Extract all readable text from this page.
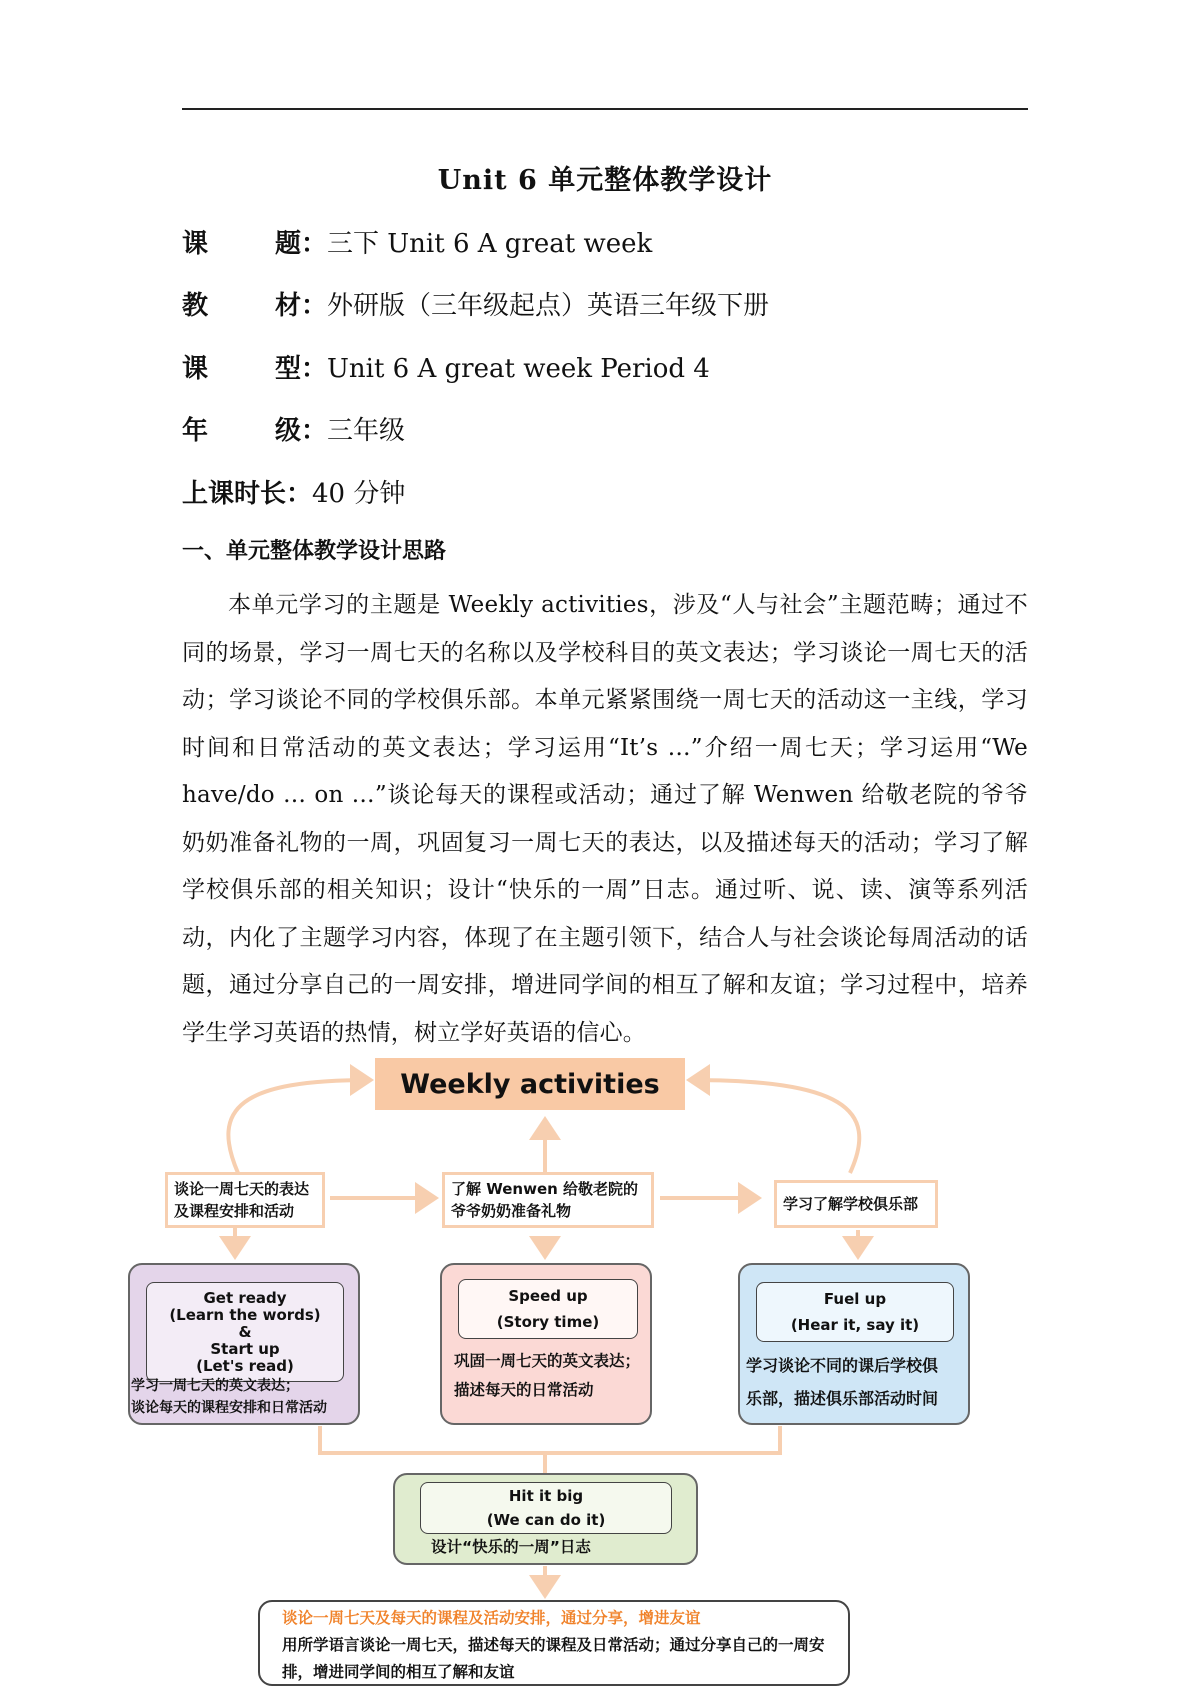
Unit 6 单元整体教学设计
课	题： 三下 Unit 6 A great week
教	材： 外研版（三年级起点）英语三年级下册
课	型： Unit 6 A great week Period 4
年	级： 三年级
上课时长：40 分钟
一、单元整体教学设计思路

本单元学习的主题是 Weekly activities，涉及“人与社会”主题范畴；通过不同的场景，学习一周七天的名称以及学校科目的英文表达；学习谈论一周七天的活动；学习谈论不同的学校俱乐部。本单元紧紧围绕一周七天的活动这一主线，学习时间和日常活动的英文表达；学习运用“It’s …”介绍一周七天；学习运用“We have/do … on …”谈论每天的课程或活动；通过了解 Wenwen 给敬老院的爷爷奶奶准备礼物的一周，巩固复习一周七天的表达，以及描述每天的活动；学习了解学校俱乐部的相关知识；设计“快乐的一周”日志。通过听、说、读、演等系列活动，内化了主题学习内容，体现了在主题引领下，结合人与社会谈论每周活动的话题，通过分享自己的一周安排，增进同学间的相互了解和友谊；学习过程中，培养学生学习英语的热情，树立学好英语的信心。

Weekly activities
谈论一周七天的表达及课程安排和活动
了解 Wenwen 给敬老院的爷爷奶奶准备礼物	学习了解学校俱乐部
Get ready
(Learn the words)
&
Start up
(Let's read)
学习一周七天的英文表达；
谈论每天的课程安排和日常活动
Speed up
(Story time)
巩固一周七天的英文表达；
描述每天的日常活动
Fuel up
(Hear it, say it)
学习谈论不同的课后学校俱
乐部，描述俱乐部活动时间
Hit it big
(We can do it)
设计“快乐的一周”日志
谈论一周七天及每天的课程及活动安排，通过分享，增进友谊
用所学语言谈论一周七天，描述每天的课程及日常活动；通过分享自己的一周安排，增进同学间的相互了解和友谊
